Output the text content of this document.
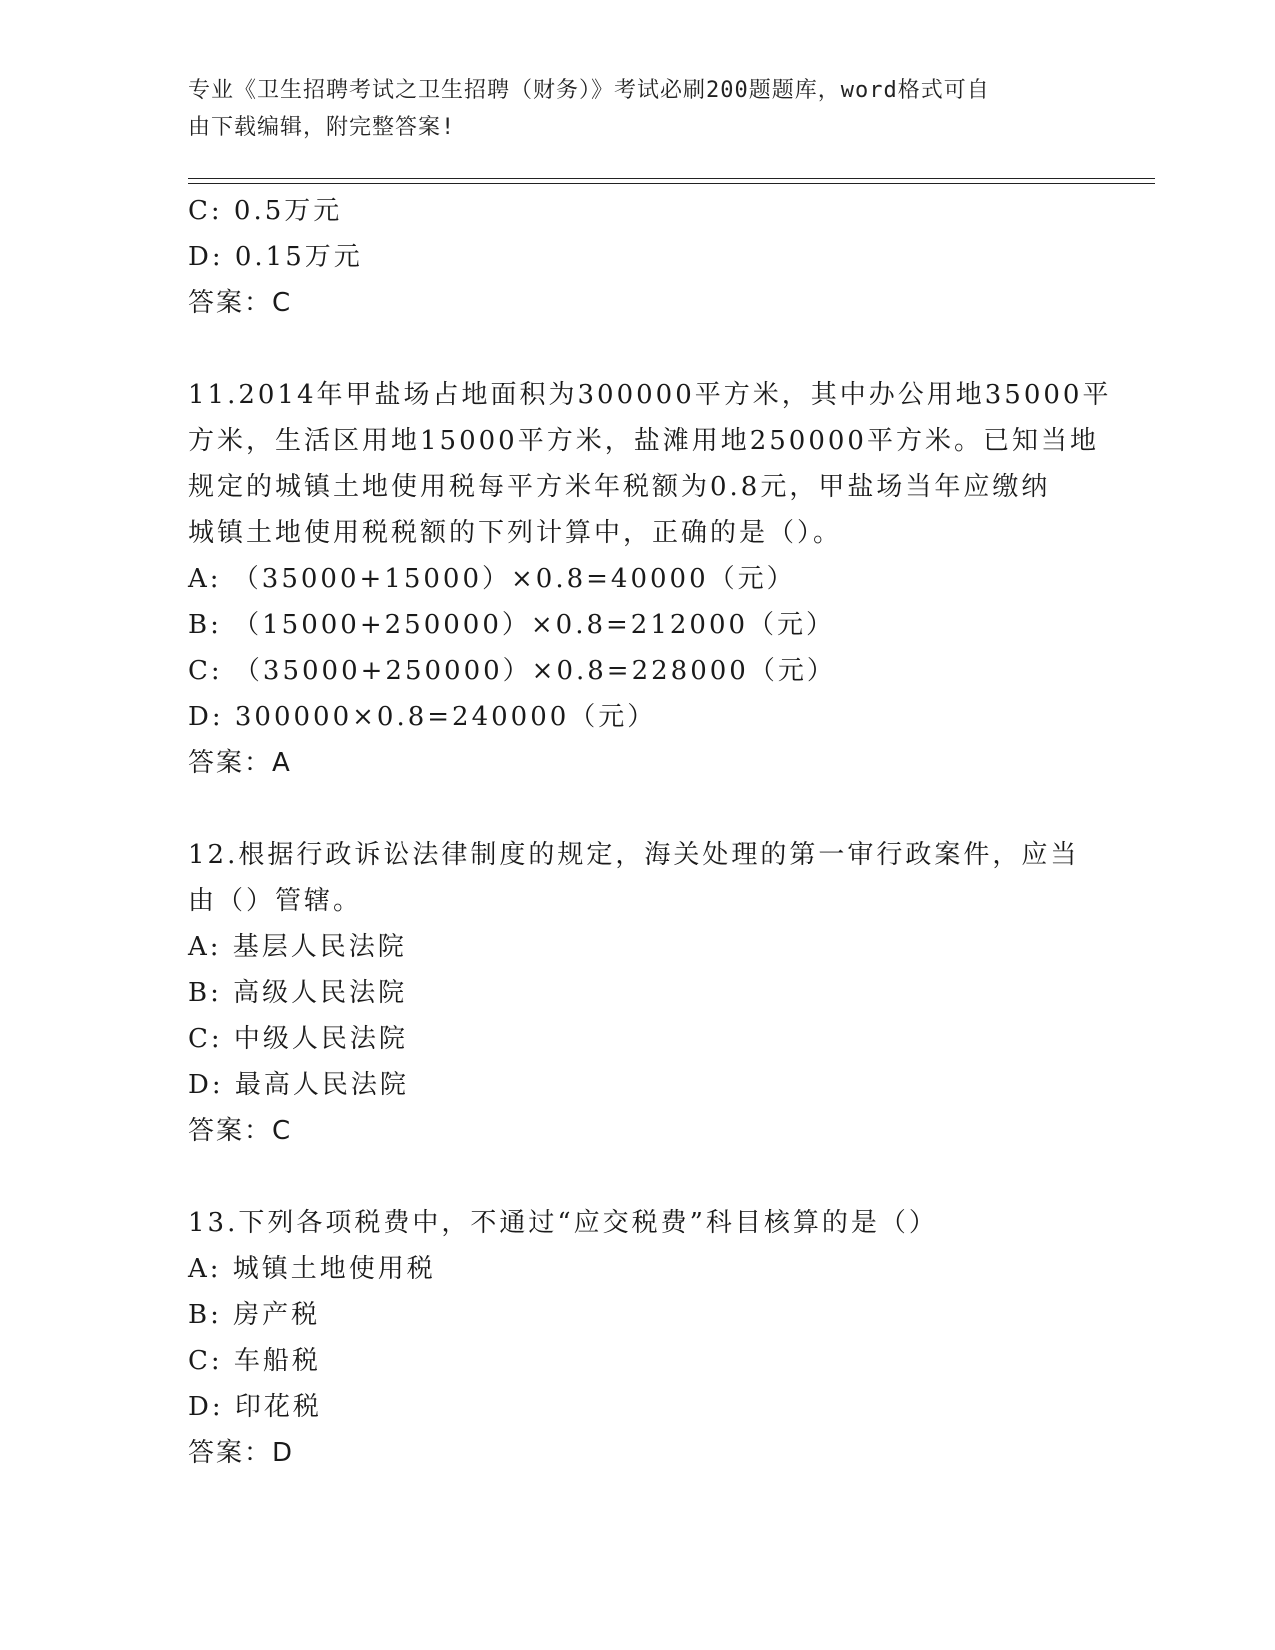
专业《卫生招聘考试之卫生招聘（财务）》考试必刷200题题库，word格式可自
由下载编辑，附完整答案!
C: 0.5万元
D: 0.15万元
答案：C
11.2014年甲盐场占地面积为300000平方米，其中办公用地35000平
方米，生活区用地15000平方米，盐滩用地250000平方米。已知当地
规定的城镇土地使用税每平方米年税额为0.8元，甲盐场当年应缴纳
城镇土地使用税税额的下列计算中，正确的是（）。
A: （35000+15000）×0.8=40000（元）
B: （15000+250000）×0.8=212000（元）
C: （35000+250000）×0.8=228000（元）
D: 300000×0.8=240000（元）
答案：A
12.根据行政诉讼法律制度的规定，海关处理的第一审行政案件，应当
由（）管辖。
A: 基层人民法院
B: 高级人民法院
C: 中级人民法院
D: 最高人民法院
答案：C
13.下列各项税费中，不通过“应交税费”科目核算的是（）
A: 城镇土地使用税
B: 房产税
C: 车船税
D: 印花税
答案：D
